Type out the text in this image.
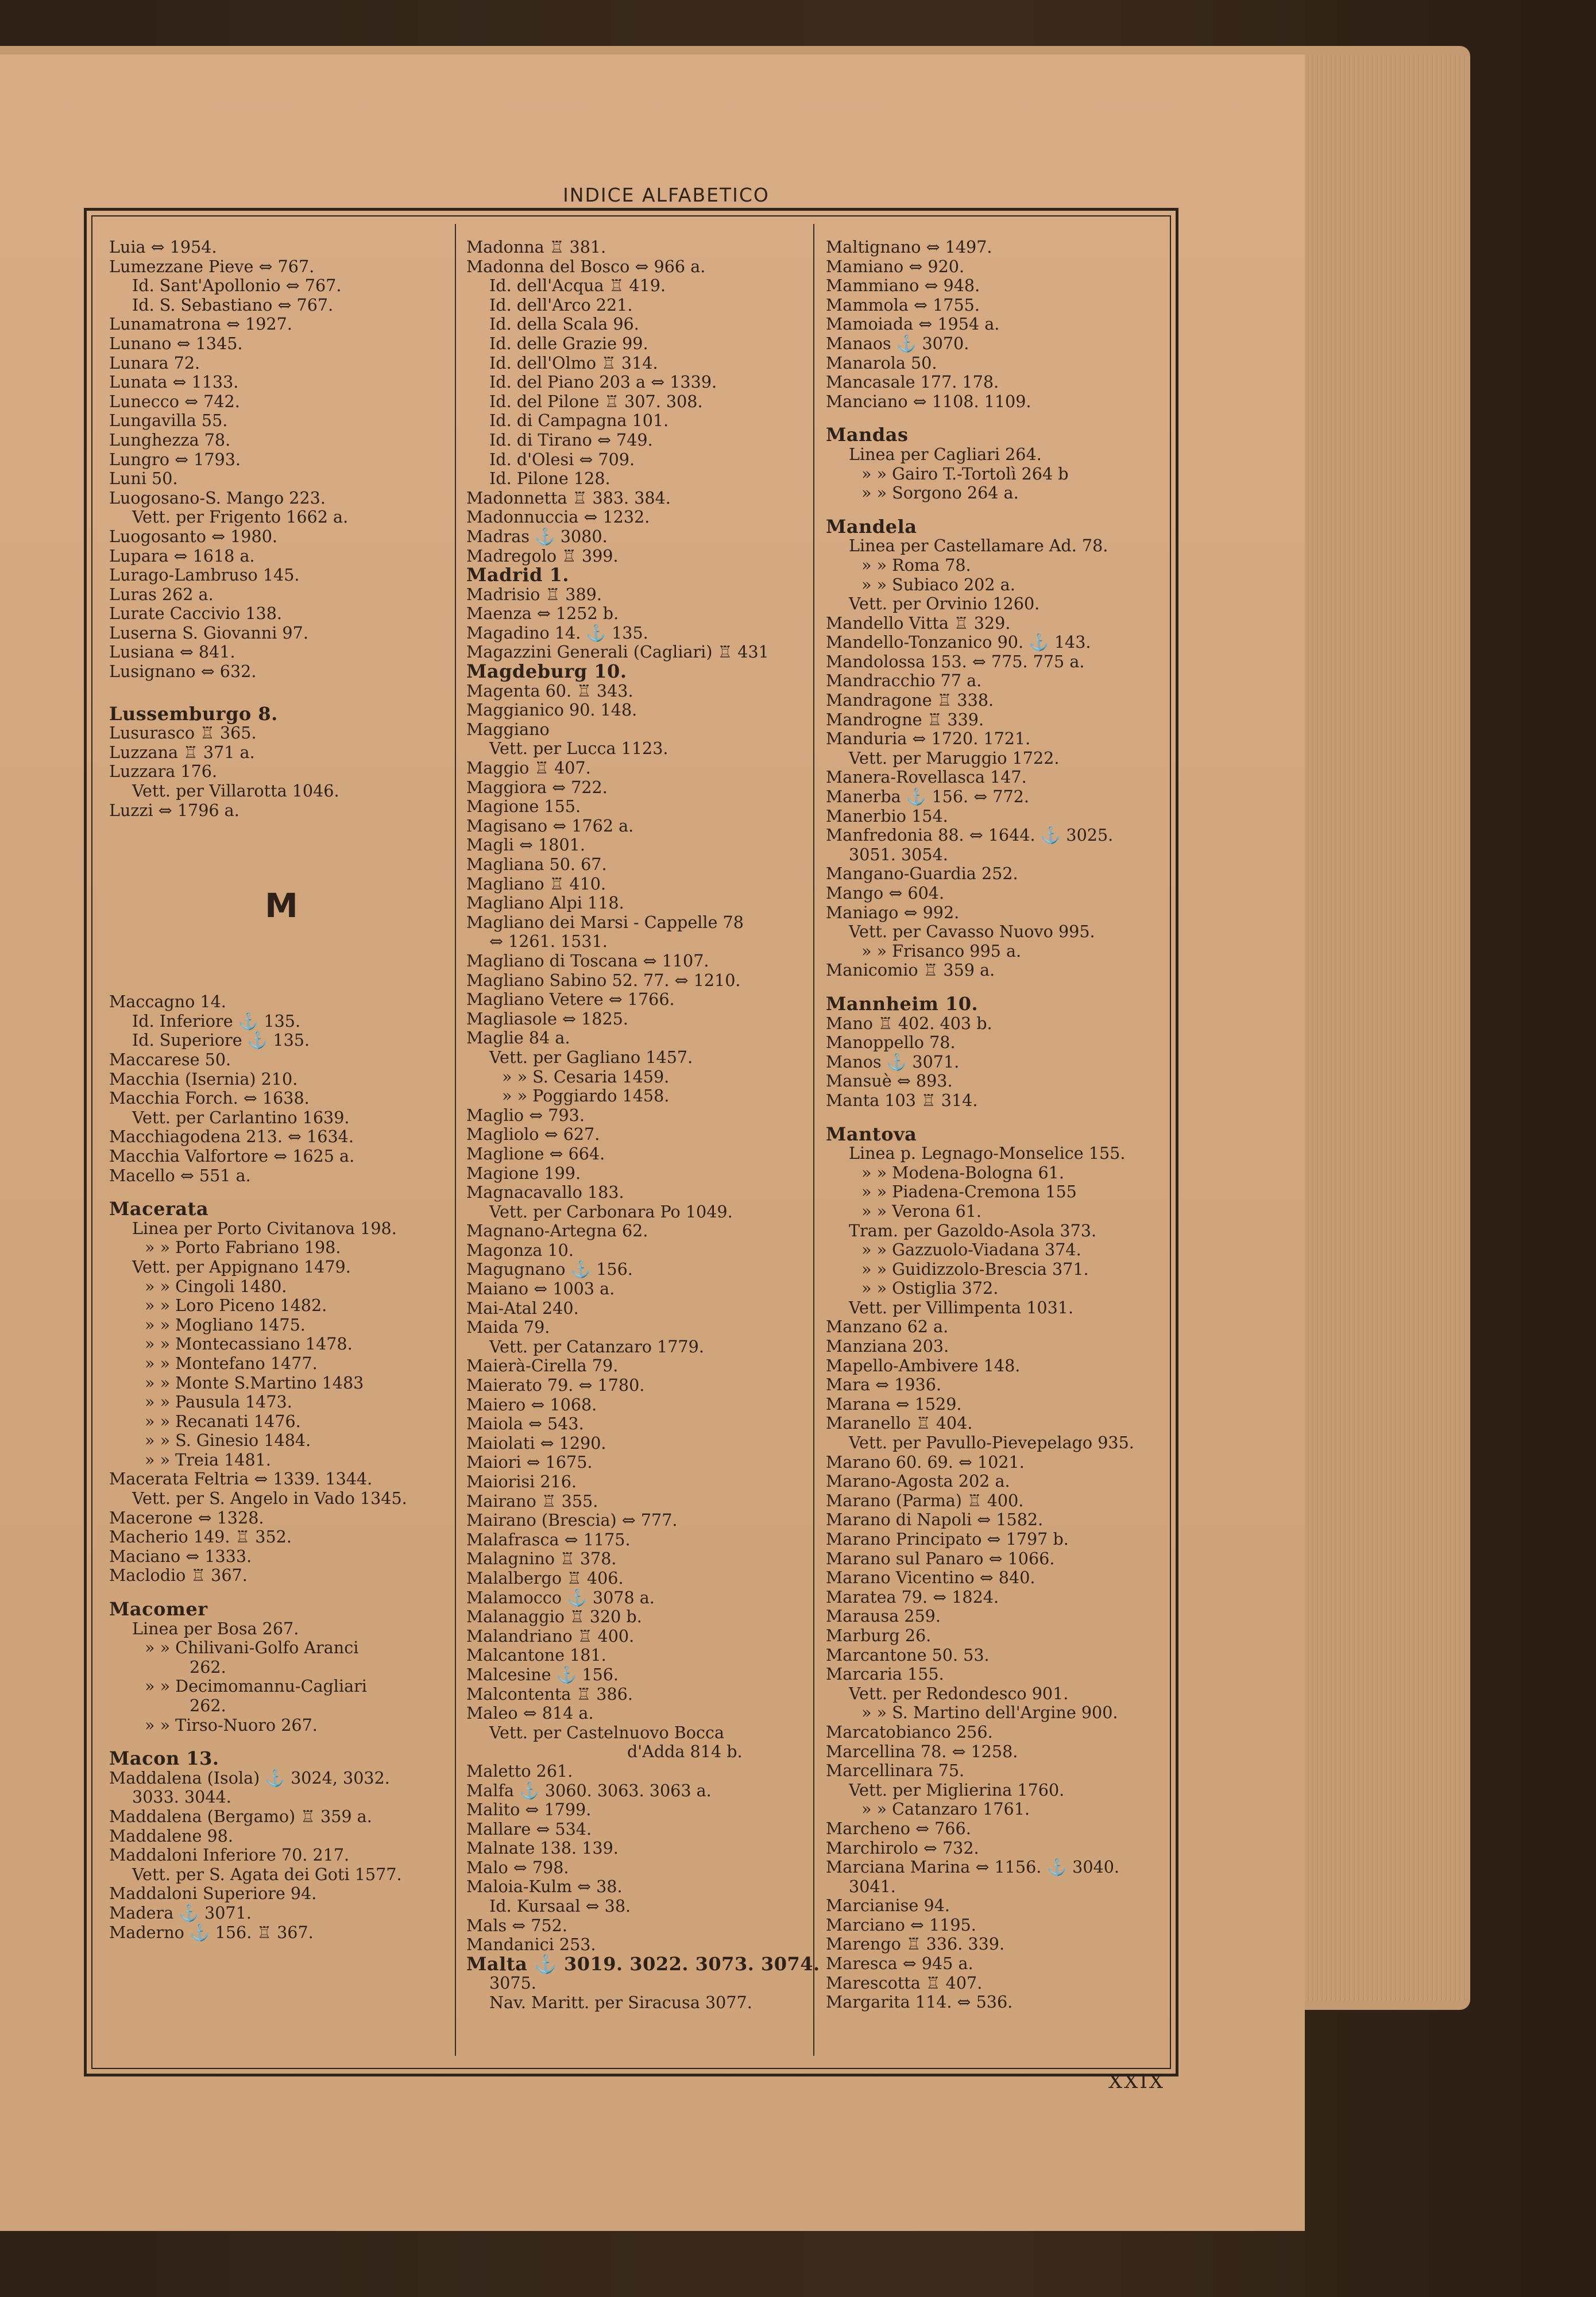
INDICE ALFABETICO
Luia ⇔ 1954.
Lumezzane Pieve ⇔ 767.
Id. Sant'Apollonio ⇔ 767.
Id. S. Sebastiano ⇔ 767.
Lunamatrona ⇔ 1927.
Lunano ⇔ 1345.
Lunara 72.
Lunata ⇔ 1133.
Lunecco ⇔ 742.
Lungavilla 55.
Lunghezza 78.
Lungro ⇔ 1793.
Luni 50.
Luogosano-S. Mango 223.
Vett. per Frigento 1662 a.
Luogosanto ⇔ 1980.
Lupara ⇔ 1618 a.
Lurago-Lambruso 145.
Luras 262 a.
Lurate Caccivio 138.
Luserna S. Giovanni 97.
Lusiana ⇔ 841.
Lusignano ⇔ 632.
Lussemburgo 8.
Lusurasco ♖ 365.
Luzzana ♖ 371 a.
Luzzara 176.
Vett. per Villarotta 1046.
Luzzi ⇔ 1796 a.
M
Maccagno 14.
Id. Inferiore ⚓ 135.
Id. Superiore ⚓ 135.
Maccarese 50.
Macchia (Isernia) 210.
Macchia Forch. ⇔ 1638.
Vett. per Carlantino 1639.
Macchiagodena 213. ⇔ 1634.
Macchia Valfortore ⇔ 1625 a.
Macello ⇔ 551 a.
Macerata
Linea per Porto Civitanova 198.
» » Porto Fabriano 198.
Vett. per Appignano 1479.
» » Cingoli 1480.
» » Loro Piceno 1482.
» » Mogliano 1475.
» » Montecassiano 1478.
» » Montefano 1477.
» » Monte S.Martino 1483
» » Pausula 1473.
» » Recanati 1476.
» » S. Ginesio 1484.
» » Treia 1481.
Macerata Feltria ⇔ 1339. 1344.
Vett. per S. Angelo in Vado 1345.
Macerone ⇔ 1328.
Macherio 149. ♖ 352.
Maciano ⇔ 1333.
Maclodio ♖ 367.
Macomer
Linea per Bosa 267.
» » Chilivani-Golfo Aranci
262.
» » Decimomannu-Cagliari
262.
» » Tirso-Nuoro 267.
Macon 13.
Maddalena (Isola) ⚓ 3024, 3032.
3033. 3044.
Maddalena (Bergamo) ♖ 359 a.
Maddalene 98.
Maddaloni Inferiore 70. 217.
Vett. per S. Agata dei Goti 1577.
Maddaloni Superiore 94.
Madera ⚓ 3071.
Maderno ⚓ 156. ♖ 367.
Madonna ♖ 381.
Madonna del Bosco ⇔ 966 a.
Id. dell'Acqua ♖ 419.
Id. dell'Arco 221.
Id. della Scala 96.
Id. delle Grazie 99.
Id. dell'Olmo ♖ 314.
Id. del Piano 203 a ⇔ 1339.
Id. del Pilone ♖ 307. 308.
Id. di Campagna 101.
Id. di Tirano ⇔ 749.
Id. d'Olesi ⇔ 709.
Id. Pilone 128.
Madonnetta ♖ 383. 384.
Madonnuccia ⇔ 1232.
Madras ⚓ 3080.
Madregolo ♖ 399.
Madrid 1.
Madrisio ♖ 389.
Maenza ⇔ 1252 b.
Magadino 14. ⚓ 135.
Magazzini Generali (Cagliari) ♖ 431
Magdeburg 10.
Magenta 60. ♖ 343.
Maggianico 90. 148.
Maggiano
Vett. per Lucca 1123.
Maggio ♖ 407.
Maggiora ⇔ 722.
Magione 155.
Magisano ⇔ 1762 a.
Magli ⇔ 1801.
Magliana 50. 67.
Magliano ♖ 410.
Magliano Alpi 118.
Magliano dei Marsi - Cappelle 78
⇔ 1261. 1531.
Magliano di Toscana ⇔ 1107.
Magliano Sabino 52. 77. ⇔ 1210.
Magliano Vetere ⇔ 1766.
Magliasole ⇔ 1825.
Maglie 84 a.
Vett. per Gagliano 1457.
» » S. Cesaria 1459.
» » Poggiardo 1458.
Maglio ⇔ 793.
Magliolo ⇔ 627.
Maglione ⇔ 664.
Magione 199.
Magnacavallo 183.
Vett. per Carbonara Po 1049.
Magnano-Artegna 62.
Magonza 10.
Magugnano ⚓ 156.
Maiano ⇔ 1003 a.
Mai-Atal 240.
Maida 79.
Vett. per Catanzaro 1779.
Maierà-Cirella 79.
Maierato 79. ⇔ 1780.
Maiero ⇔ 1068.
Maiola ⇔ 543.
Maiolati ⇔ 1290.
Maiori ⇔ 1675.
Maiorisi 216.
Mairano ♖ 355.
Mairano (Brescia) ⇔ 777.
Malafrasca ⇔ 1175.
Malagnino ♖ 378.
Malalbergo ♖ 406.
Malamocco ⚓ 3078 a.
Malanaggio ♖ 320 b.
Malandriano ♖ 400.
Malcantone 181.
Malcesine ⚓ 156.
Malcontenta ♖ 386.
Maleo ⇔ 814 a.
Vett. per Castelnuovo Bocca
d'Adda 814 b.
Maletto 261.
Malfa ⚓ 3060. 3063. 3063 a.
Malito ⇔ 1799.
Mallare ⇔ 534.
Malnate 138. 139.
Malo ⇔ 798.
Maloia-Kulm ⇔ 38.
Id. Kursaal ⇔ 38.
Mals ⇔ 752.
Mandanici 253.
Malta ⚓ 3019. 3022. 3073. 3074.
3075.
Nav. Maritt. per Siracusa 3077.
Maltignano ⇔ 1497.
Mamiano ⇔ 920.
Mammiano ⇔ 948.
Mammola ⇔ 1755.
Mamoiada ⇔ 1954 a.
Manaos ⚓ 3070.
Manarola 50.
Mancasale 177. 178.
Manciano ⇔ 1108. 1109.
Mandas
Linea per Cagliari 264.
» » Gairo T.-Tortolì 264 b
» » Sorgono 264 a.
Mandela
Linea per Castellamare Ad. 78.
» » Roma 78.
» » Subiaco 202 a.
Vett. per Orvinio 1260.
Mandello Vitta ♖ 329.
Mandello-Tonzanico 90. ⚓ 143.
Mandolossa 153. ⇔ 775. 775 a.
Mandracchio 77 a.
Mandragone ♖ 338.
Mandrogne ♖ 339.
Manduria ⇔ 1720. 1721.
Vett. per Maruggio 1722.
Manera-Rovellasca 147.
Manerba ⚓ 156. ⇔ 772.
Manerbio 154.
Manfredonia 88. ⇔ 1644. ⚓ 3025.
3051. 3054.
Mangano-Guardia 252.
Mango ⇔ 604.
Maniago ⇔ 992.
Vett. per Cavasso Nuovo 995.
» » Frisanco 995 a.
Manicomio ♖ 359 a.
Mannheim 10.
Mano ♖ 402. 403 b.
Manoppello 78.
Manos ⚓ 3071.
Mansuè ⇔ 893.
Manta 103 ♖ 314.
Mantova
Linea p. Legnago-Monselice 155.
» » Modena-Bologna 61.
» » Piadena-Cremona 155
» » Verona 61.
Tram. per Gazoldo-Asola 373.
» » Gazzuolo-Viadana 374.
» » Guidizzolo-Brescia 371.
» » Ostiglia 372.
Vett. per Villimpenta 1031.
Manzano 62 a.
Manziana 203.
Mapello-Ambivere 148.
Mara ⇔ 1936.
Marana ⇔ 1529.
Maranello ♖ 404.
Vett. per Pavullo-Pievepelago 935.
Marano 60. 69. ⇔ 1021.
Marano-Agosta 202 a.
Marano (Parma) ♖ 400.
Marano di Napoli ⇔ 1582.
Marano Principato ⇔ 1797 b.
Marano sul Panaro ⇔ 1066.
Marano Vicentino ⇔ 840.
Maratea 79. ⇔ 1824.
Marausa 259.
Marburg 26.
Marcantone 50. 53.
Marcaria 155.
Vett. per Redondesco 901.
» » S. Martino dell'Argine 900.
Marcatobianco 256.
Marcellina 78. ⇔ 1258.
Marcellinara 75.
Vett. per Miglierina 1760.
» » Catanzaro 1761.
Marcheno ⇔ 766.
Marchirolo ⇔ 732.
Marciana Marina ⇔ 1156. ⚓ 3040.
3041.
Marcianise 94.
Marciano ⇔ 1195.
Marengo ♖ 336. 339.
Maresca ⇔ 945 a.
Marescotta ♖ 407.
Margarita 114. ⇔ 536.
XXIX
